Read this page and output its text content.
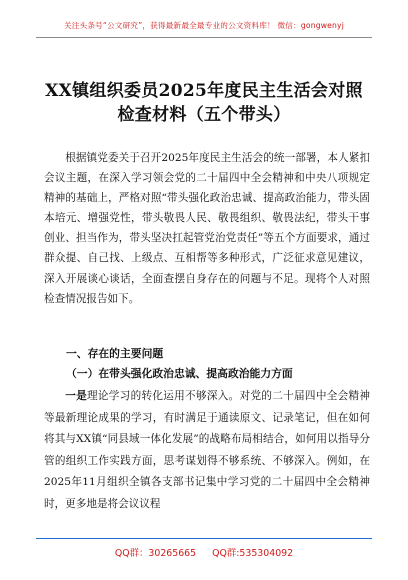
关注头条号“公文研究”，获得最新最全最专业的公文资料库！ 微信：gongwenyj
XX镇组织委员2025年度民主生活会对照
检查材料（五个带头）

根据镇党委关于召开2025年度民主生活会的统一部署，本人紧扣会议主题，在深入学习领会党的二十届四中全会精神和中央八项规定精神的基础上，严格对照“带头强化政治忠诚、提高政治能力，带头固本培元、增强党性，带头敬畏人民、敬畏组织、敬畏法纪，带头干事创业、担当作为，带头坚决扛起管党治党责任”等五个方面要求，通过群众提、自己找、上级点、互相帮等多种形式，广泛征求意见建议，深入开展谈心谈话，全面查摆自身存在的问题与不足。现将个人对照检查情况报告如下。

一、存在的主要问题
（一）在带头强化政治忠诚、提高政治能力方面

一是理论学习的转化运用不够深入。对党的二十届四中全会精神等最新理论成果的学习，有时满足于通读原文、记录笔记，但在如何将其与XX镇“同县域一体化发展”的战略布局相结合，如何用以指导分管的组织工作实践方面，思考谋划得不够系统、不够深入。例如，在2025年11月组织全镇各支部书记集中学习党的二十届四中全会精神时，更多地是将会议议程

QQ群：30265665 QQ群:535304092
